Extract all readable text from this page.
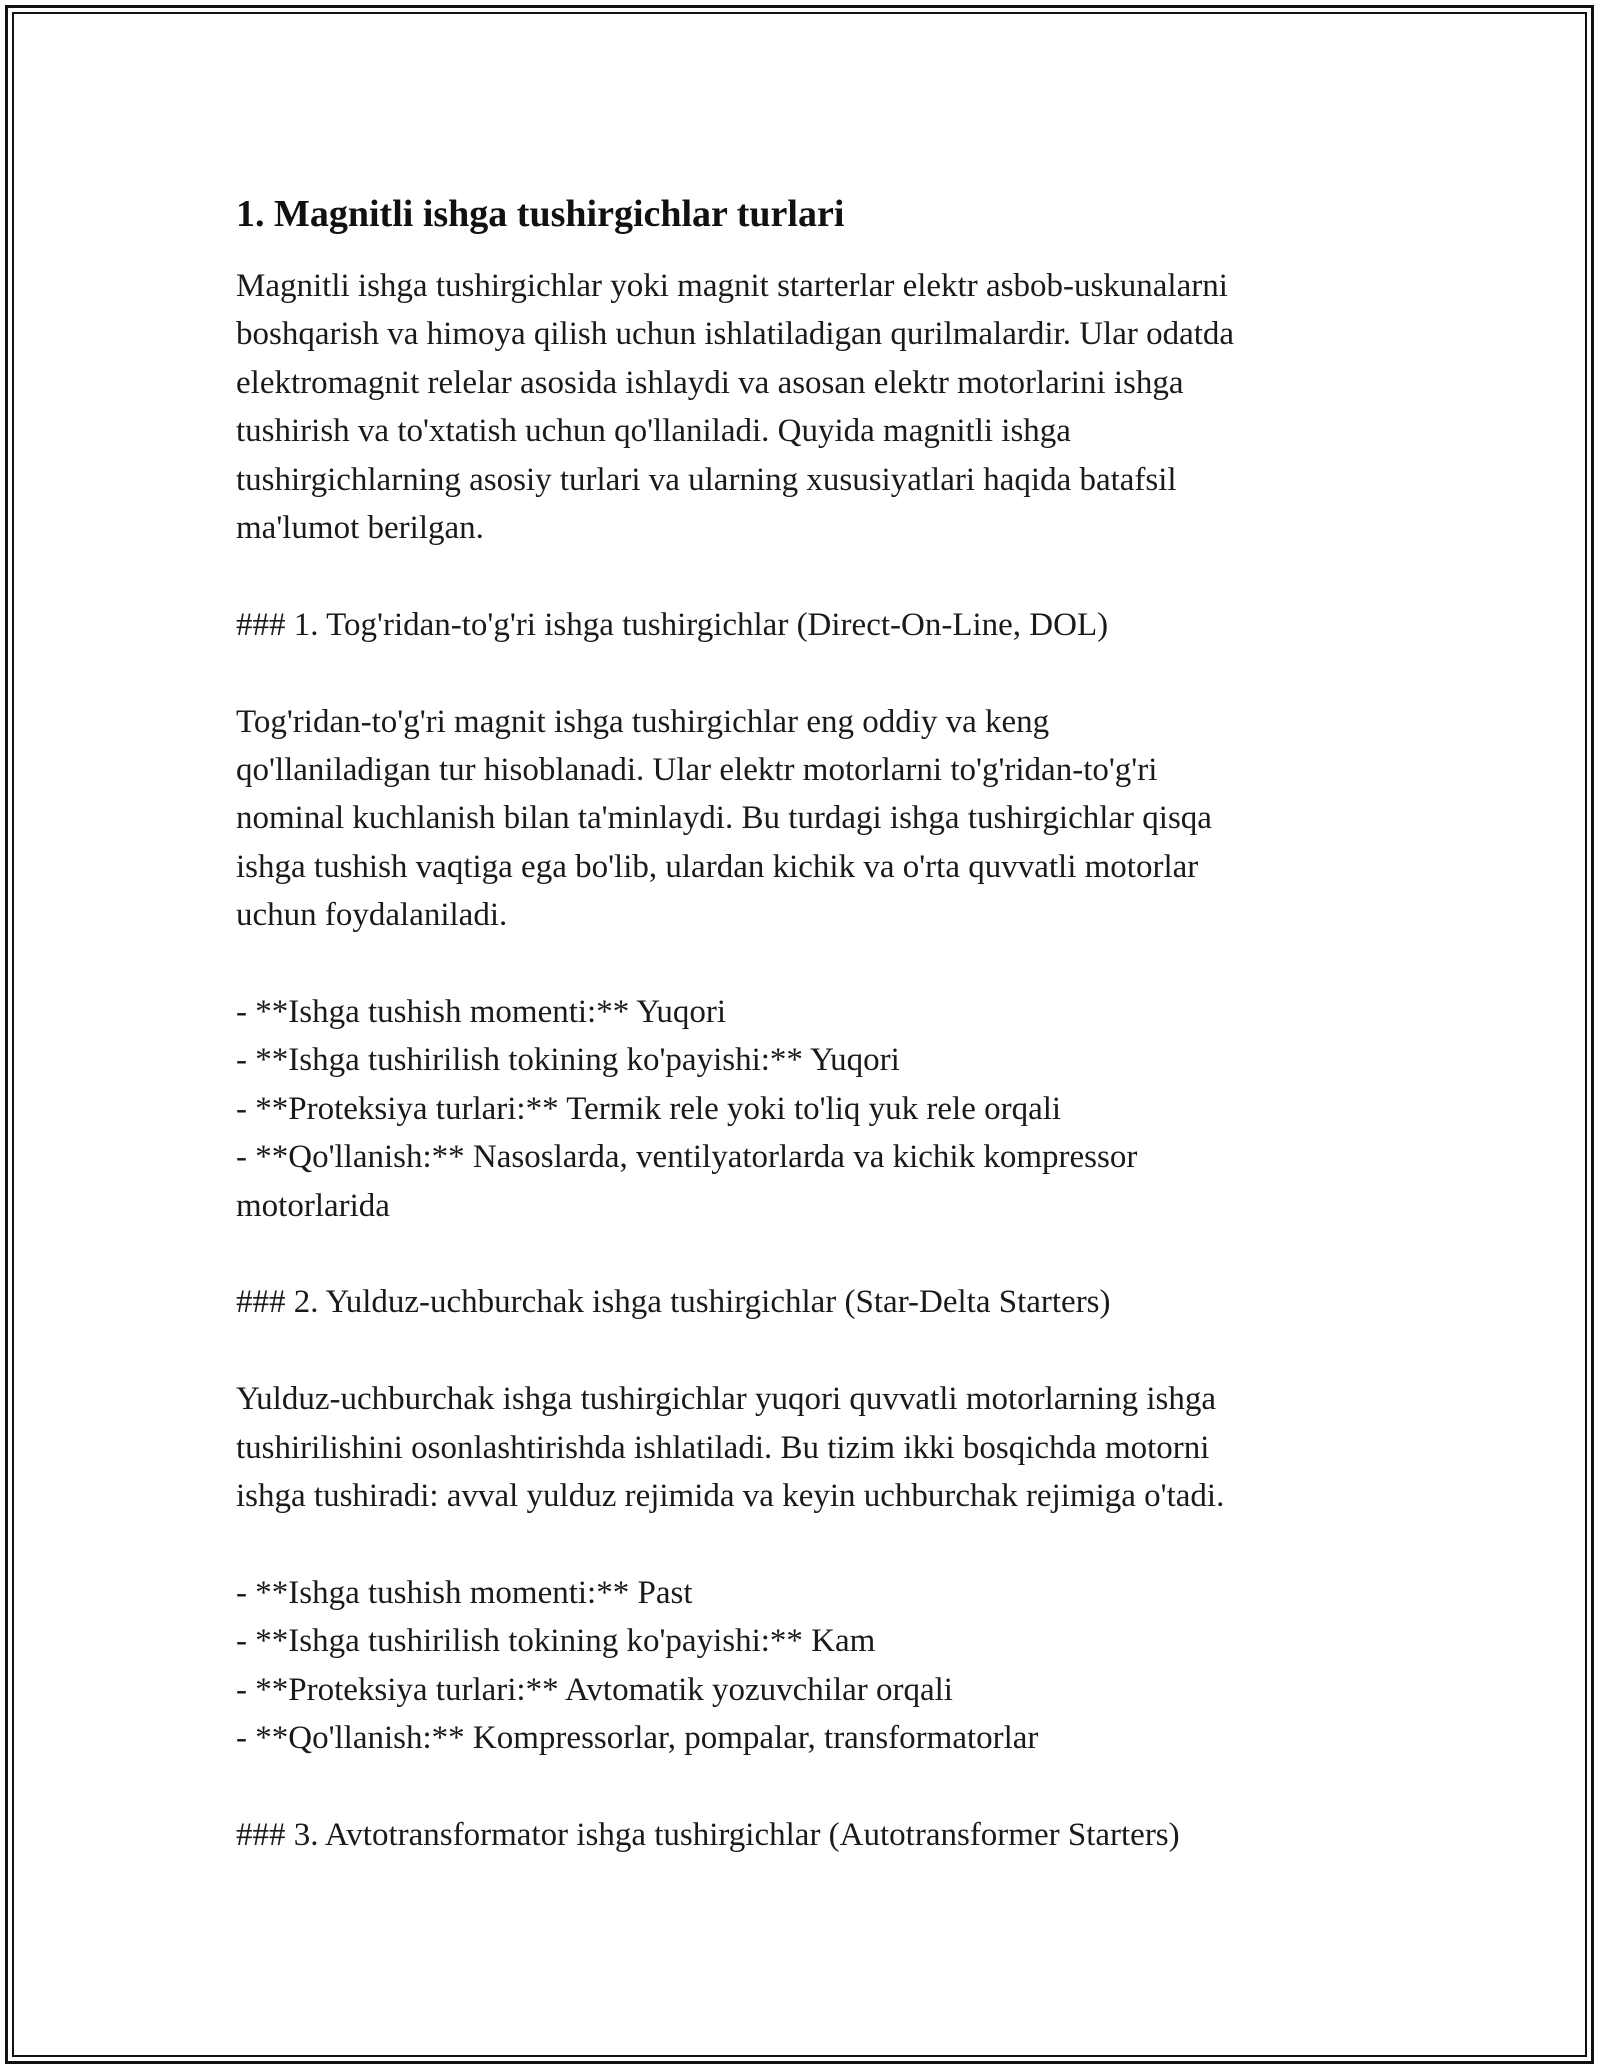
1. Magnitli ishga tushirgichlar turlari
Magnitli ishga tushirgichlar yoki magnit starterlar elektr asbob-uskunalarni
boshqarish va himoya qilish uchun ishlatiladigan qurilmalardir. Ular odatda
elektromagnit relelar asosida ishlaydi va asosan elektr motorlarini ishga
tushirish va to'xtatish uchun qo'llaniladi. Quyida magnitli ishga
tushirgichlarning asosiy turlari va ularning xususiyatlari haqida batafsil
ma'lumot berilgan.
### 1. Tog'ridan-to'g'ri ishga tushirgichlar (Direct-On-Line, DOL)
Tog'ridan-to'g'ri magnit ishga tushirgichlar eng oddiy va keng
qo'llaniladigan tur hisoblanadi. Ular elektr motorlarni to'g'ridan-to'g'ri
nominal kuchlanish bilan ta'minlaydi. Bu turdagi ishga tushirgichlar qisqa
ishga tushish vaqtiga ega bo'lib, ulardan kichik va o'rta quvvatli motorlar
uchun foydalaniladi.
- **Ishga tushish momenti:** Yuqori
- **Ishga tushirilish tokining ko'payishi:** Yuqori
- **Proteksiya turlari:** Termik rele yoki to'liq yuk rele orqali
- **Qo'llanish:** Nasoslarda, ventilyatorlarda va kichik kompressor
motorlarida
### 2. Yulduz-uchburchak ishga tushirgichlar (Star-Delta Starters)
Yulduz-uchburchak ishga tushirgichlar yuqori quvvatli motorlarning ishga
tushirilishini osonlashtirishda ishlatiladi. Bu tizim ikki bosqichda motorni
ishga tushiradi: avval yulduz rejimida va keyin uchburchak rejimiga o'tadi.
- **Ishga tushish momenti:** Past
- **Ishga tushirilish tokining ko'payishi:** Kam
- **Proteksiya turlari:** Avtomatik yozuvchilar orqali
- **Qo'llanish:** Kompressorlar, pompalar, transformatorlar
### 3. Avtotransformator ishga tushirgichlar (Autotransformer Starters)
